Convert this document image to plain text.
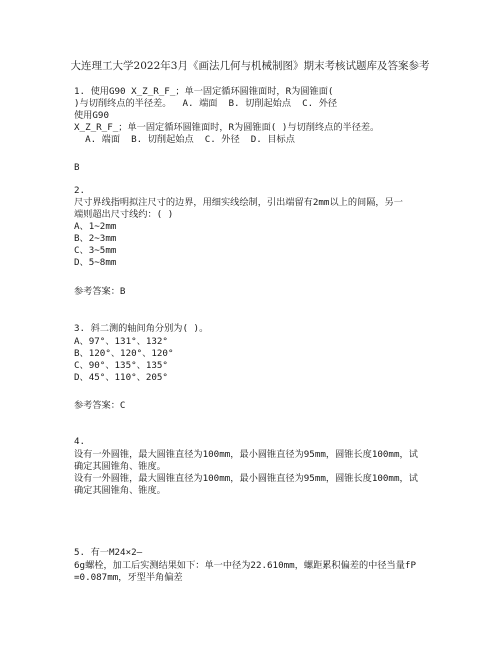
大连理工大学2022年3月《画法几何与机械制图》期末考核试题库及答案参考
1. 使用G90 X_Z_R_F_；单一固定循环圆锥面时，R为圆锥面(
)与切削终点的半径差。  A. 端面  B. 切削起始点  C. 外径
使用G90
X_Z_R_F_；单一固定循环圆锥面时，R为圆锥面( )与切削终点的半径差。
A. 端面  B. 切削起始点  C. 外径  D. 目标点
B
2.
尺寸界线指明拟注尺寸的边界，用细实线绘制，引出端留有2mm以上的间隔，另一
端则超出尺寸线约：( )
A、1~2mm
B、2~3mm
C、3~5mm
D、5~8mm
参考答案：B
3. 斜二测的轴间角分别为( )。
A、97°、131°、132°
B、120°、120°、120°
C、90°、135°、135°
D、45°、110°、205°
参考答案：C
4.
设有一外圆锥，最大圆锥直径为100mm，最小圆锥直径为95mm，圆锥长度100mm，试
确定其圆锥角、锥度。
设有一外圆锥，最大圆锥直径为100mm，最小圆锥直径为95mm，圆锥长度100mm，试
确定其圆锥角、锥度。
5. 有一M24×2—
6g螺栓，加工后实测结果如下：单一中径为22.610mm，螺距累积偏差的中径当量fP
=0.087mm，牙型半角偏差
